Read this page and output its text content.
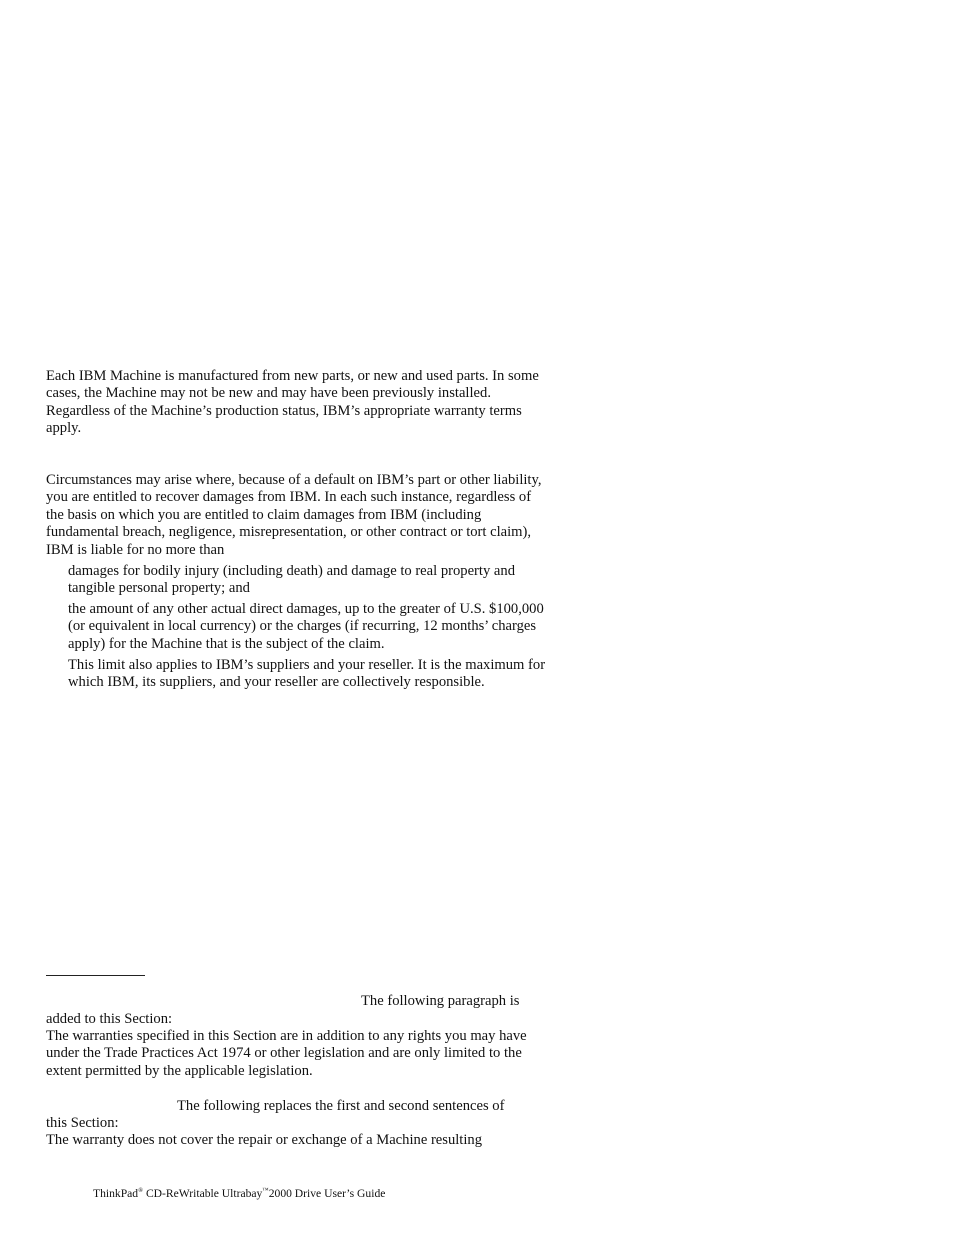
Each IBM Machine is manufactured from new parts, or new and used parts. In some cases, the Machine may not be new and may have been previously installed. Regardless of the Machine’s production status, IBM’s appropriate warranty terms apply.

Circumstances may arise where, because of a default on IBM’s part or other liability, you are entitled to recover damages from IBM. In each such instance, regardless of the basis on which you are entitled to claim damages from IBM (including fundamental breach, negligence, misrepresentation, or other contract or tort claim), IBM is liable for no more than

damages for bodily injury (including death) and damage to real property and tangible personal property; and

the amount of any other actual direct damages, up to the greater of U.S. $100,000 (or equivalent in local currency) or the charges (if recurring, 12 months’ charges apply) for the Machine that is the subject of the claim.

This limit also applies to IBM’s suppliers and your reseller. It is the maximum for which IBM, its suppliers, and your reseller are collectively responsible.

The following paragraph is
added to this Section:

The warranties specified in this Section are in addition to any rights you may have under the Trade Practices Act 1974 or other legislation and are only limited to the extent permitted by the applicable legislation.

The following replaces the first and second sentences of
this Section:

The warranty does not cover the repair or exchange of a Machine resulting

ThinkPad® CD-ReWritable Ultrabay™2000 Drive User’s Guide
